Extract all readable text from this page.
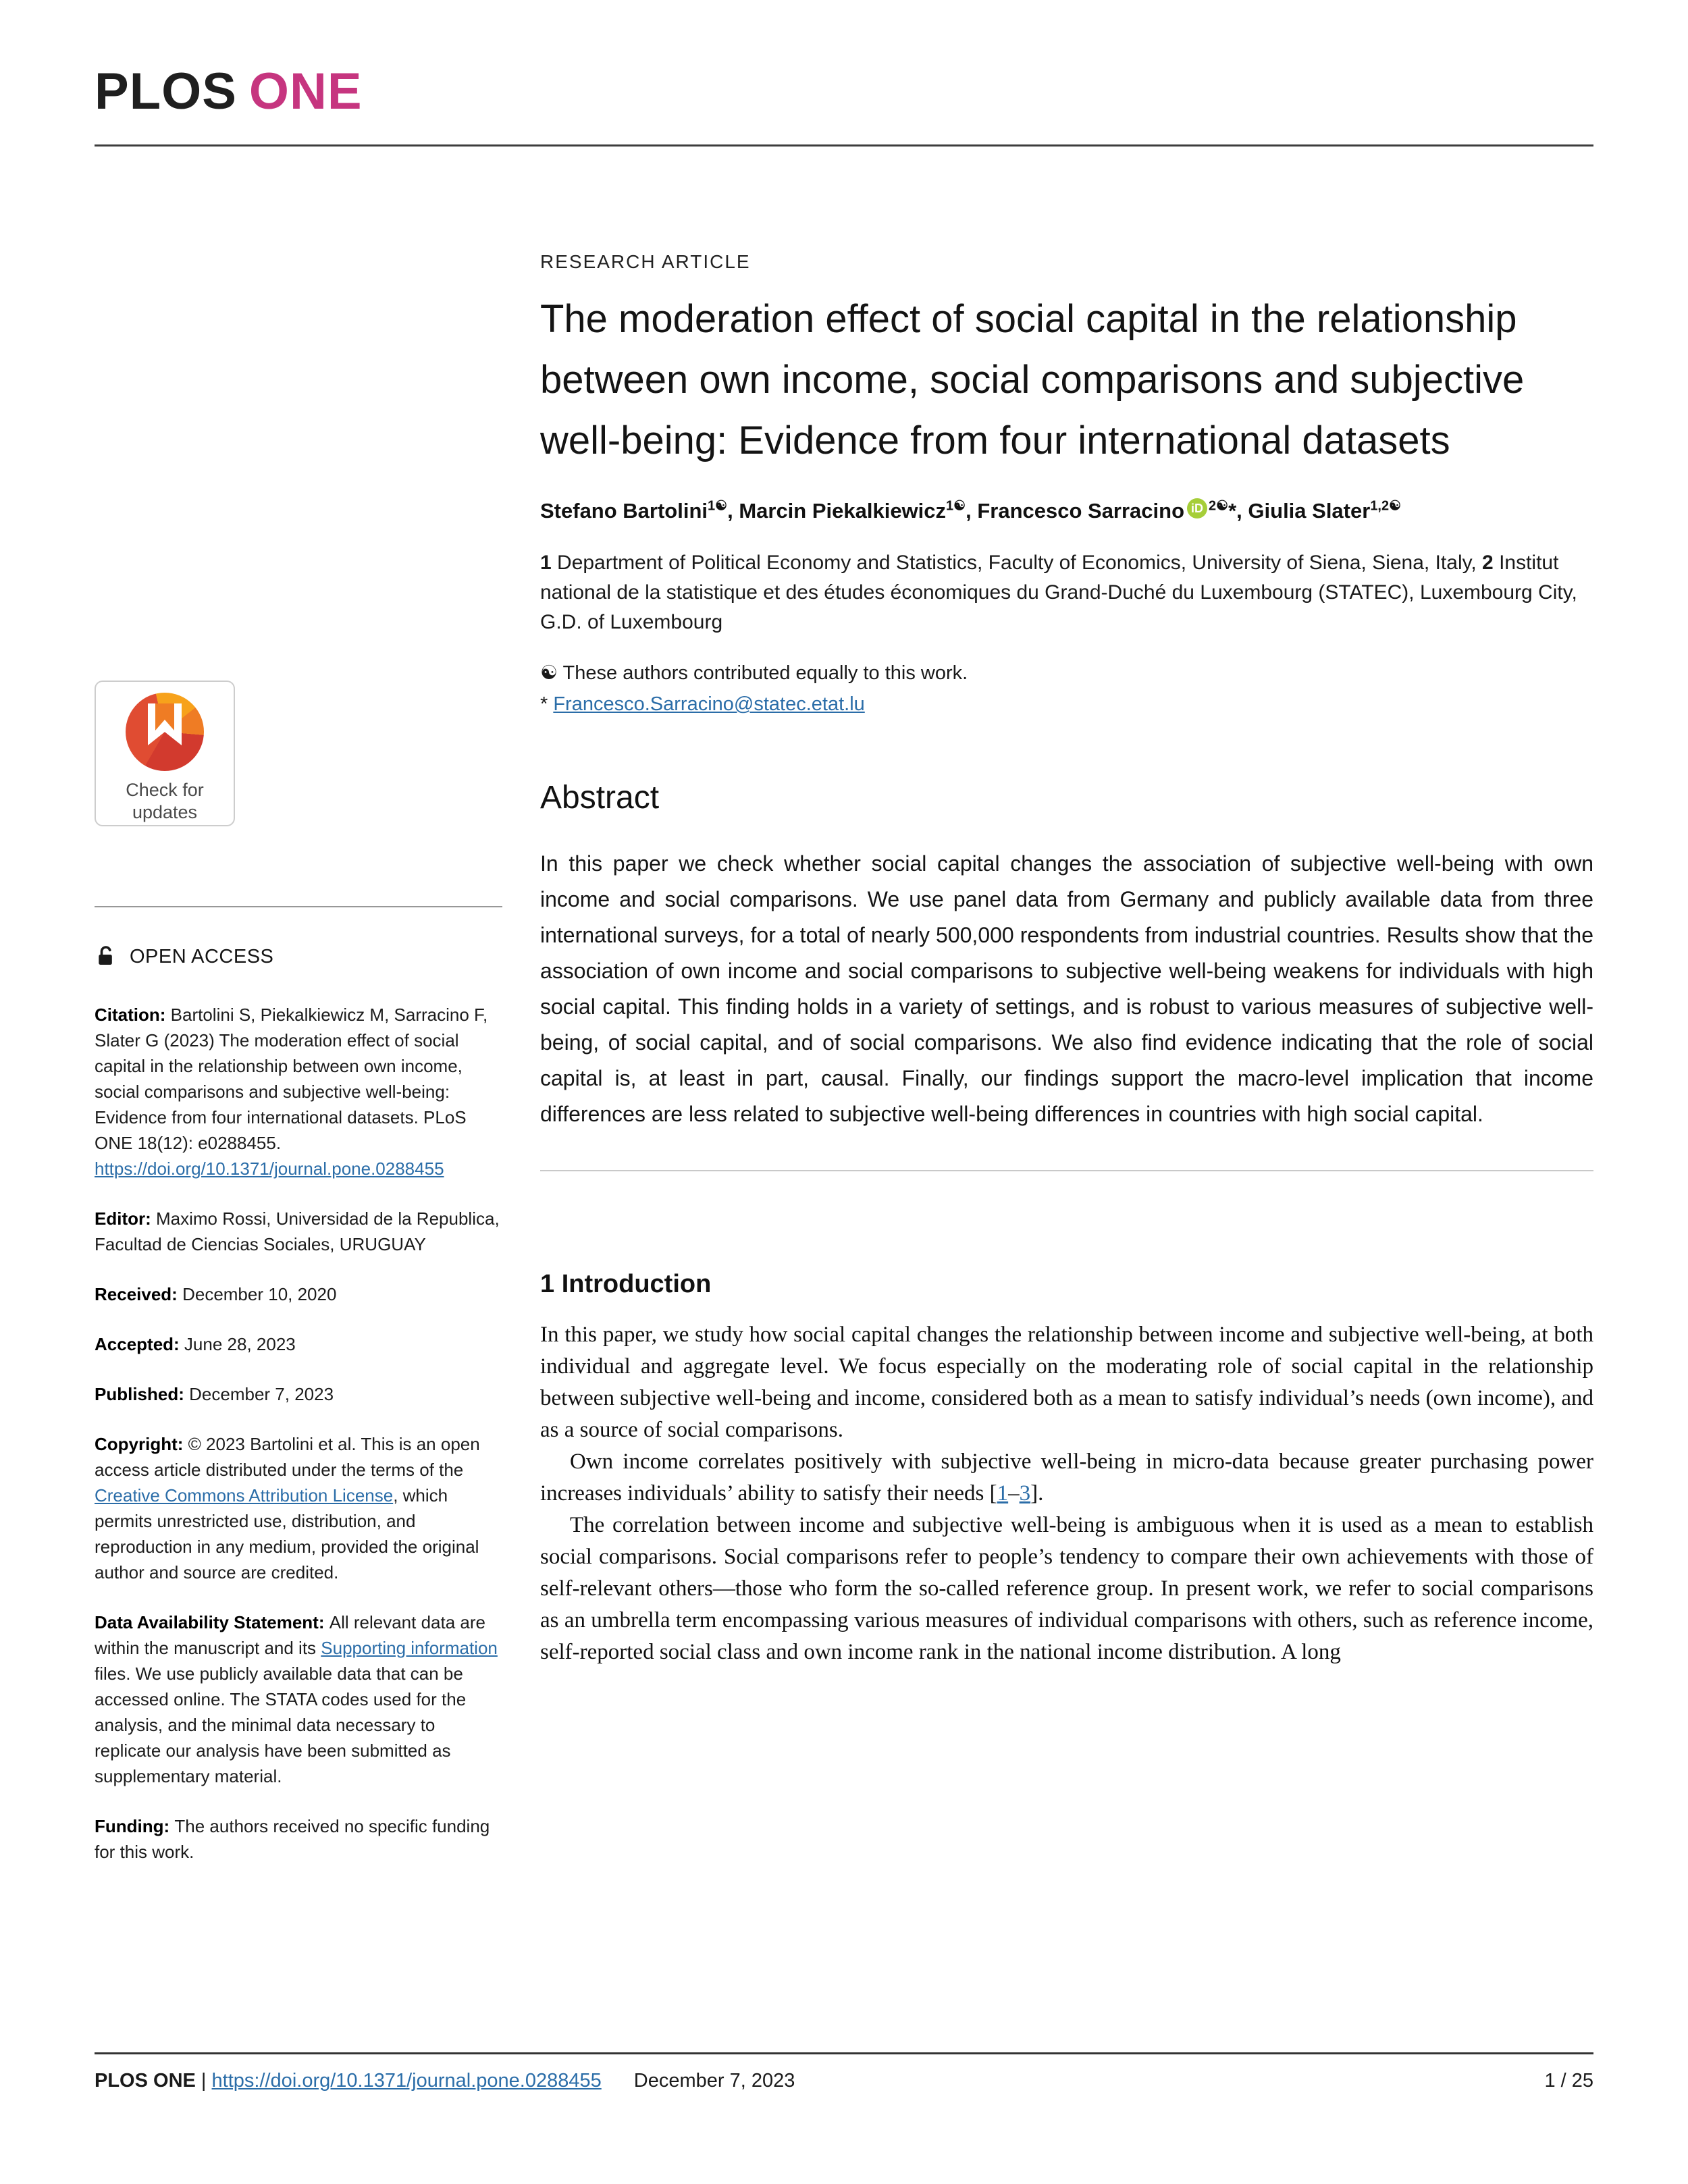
PLOS ONE
Check for
updates
OPEN ACCESS

Citation: Bartolini S, Piekalkiewicz M, Sarracino F, Slater G (2023) The moderation effect of social capital in the relationship between own income, social comparisons and subjective well-being: Evidence from four international datasets. PLoS ONE 18(12): e0288455. https://doi.org/10.1371/journal.pone.0288455

Editor: Maximo Rossi, Universidad de la Republica, Facultad de Ciencias Sociales, URUGUAY

Received: December 10, 2020

Accepted: June 28, 2023

Published: December 7, 2023

Copyright: © 2023 Bartolini et al. This is an open access article distributed under the terms of the Creative Commons Attribution License, which permits unrestricted use, distribution, and reproduction in any medium, provided the original author and source are credited.

Data Availability Statement: All relevant data are within the manuscript and its Supporting information files. We use publicly available data that can be accessed online. The STATA codes used for the analysis, and the minimal data necessary to replicate our analysis have been submitted as supplementary material.

Funding: The authors received no specific funding for this work.

RESEARCH ARTICLE
The moderation effect of social capital in the relationship between own income, social comparisons and subjective well-being: Evidence from four international datasets

Stefano Bartolini$^{1☯}$, Marcin Piekalkiewicz$^{1☯}$, Francesco Sarracino iD $^{2☯}$*, Giulia Slater$^{1,2☯}$

1 Department of Political Economy and Statistics, Faculty of Economics, University of Siena, Siena, Italy, 2 Institut national de la statistique et des études économiques du Grand-Duché du Luxembourg (STATEC), Luxembourg City, G.D. of Luxembourg

☯ These authors contributed equally to this work.

* Francesco.Sarracino@statec.etat.lu

Abstract

In this paper we check whether social capital changes the association of subjective well-being with own income and social comparisons. We use panel data from Germany and publicly available data from three international surveys, for a total of nearly 500,000 respondents from industrial countries. Results show that the association of own income and social comparisons to subjective well-being weakens for individuals with high social capital. This finding holds in a variety of settings, and is robust to various measures of subjective well-being, of social capital, and of social comparisons. We also find evidence indicating that the role of social capital is, at least in part, causal. Finally, our findings support the macro-level implication that income differences are less related to subjective well-being differences in countries with high social capital.

1 Introduction

In this paper, we study how social capital changes the relationship between income and subjective well-being, at both individual and aggregate level. We focus especially on the moderating role of social capital in the relationship between subjective well-being and income, considered both as a mean to satisfy individual’s needs (own income), and as a source of social comparisons.

Own income correlates positively with subjective well-being in micro-data because greater purchasing power increases individuals’ ability to satisfy their needs [1–3].

The correlation between income and subjective well-being is ambiguous when it is used as a mean to establish social comparisons. Social comparisons refer to people’s tendency to compare their own achievements with those of self-relevant others—those who form the so-called reference group. In present work, we refer to social comparisons as an umbrella term encompassing various measures of individual comparisons with others, such as reference income, self-reported social class and own income rank in the national income distribution. A long

PLOS ONE | https://doi.org/10.1371/journal.pone.0288455 December 7, 2023	1 / 25
